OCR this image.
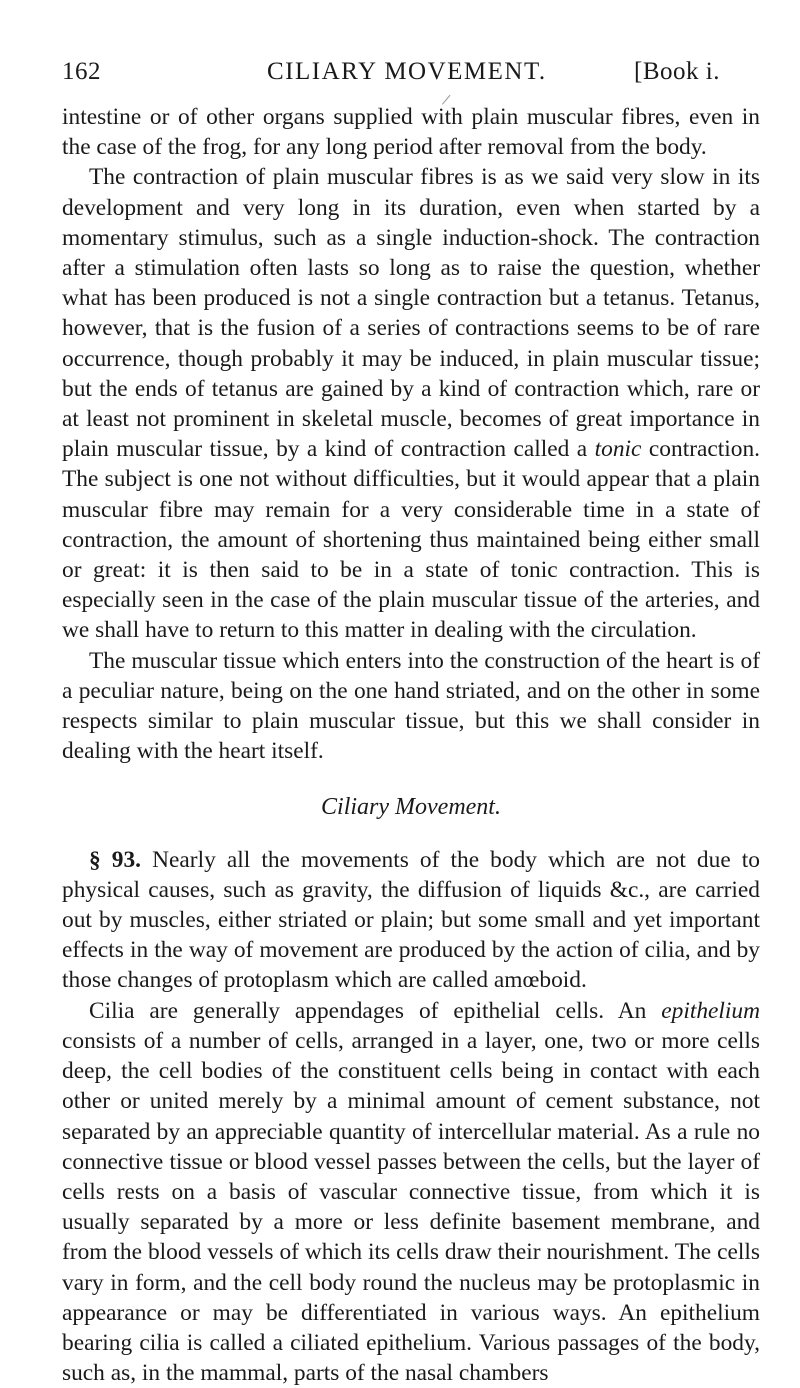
162	CILIARY MOVEMENT.	[Book i.

intestine or of other organs supplied with plain muscular fibres, even in the case of the frog, for any long period after removal from the body.

The contraction of plain muscular fibres is as we said very slow in its development and very long in its duration, even when started by a momentary stimulus, such as a single induction-shock. The contraction after a stimulation often lasts so long as to raise the question, whether what has been produced is not a single contraction but a tetanus. Tetanus, however, that is the fusion of a series of contractions seems to be of rare occurrence, though probably it may be induced, in plain muscular tissue; but the ends of tetanus are gained by a kind of contraction which, rare or at least not prominent in skeletal muscle, becomes of great importance in plain muscular tissue, by a kind of contraction called a tonic contraction. The subject is one not without difficulties, but it would appear that a plain muscular fibre may remain for a very considerable time in a state of contraction, the amount of shortening thus maintained being either small or great: it is then said to be in a state of tonic contraction. This is especially seen in the case of the plain muscular tissue of the arteries, and we shall have to return to this matter in dealing with the circulation.

The muscular tissue which enters into the construction of the heart is of a peculiar nature, being on the one hand striated, and on the other in some respects similar to plain muscular tissue, but this we shall consider in dealing with the heart itself.

Ciliary Movement.

§ 93. Nearly all the movements of the body which are not due to physical causes, such as gravity, the diffusion of liquids &c., are carried out by muscles, either striated or plain; but some small and yet important effects in the way of movement are produced by the action of cilia, and by those changes of protoplasm which are called amœboid.

Cilia are generally appendages of epithelial cells. An epithelium consists of a number of cells, arranged in a layer, one, two or more cells deep, the cell bodies of the constituent cells being in contact with each other or united merely by a minimal amount of cement substance, not separated by an appreciable quantity of intercellular material. As a rule no connective tissue or blood vessel passes between the cells, but the layer of cells rests on a basis of vascular connective tissue, from which it is usually separated by a more or less definite basement membrane, and from the blood vessels of which its cells draw their nourishment. The cells vary in form, and the cell body round the nucleus may be protoplasmic in appearance or may be differentiated in various ways. An epithelium bearing cilia is called a ciliated epithelium. Various passages of the body, such as, in the mammal, parts of the nasal chambers
